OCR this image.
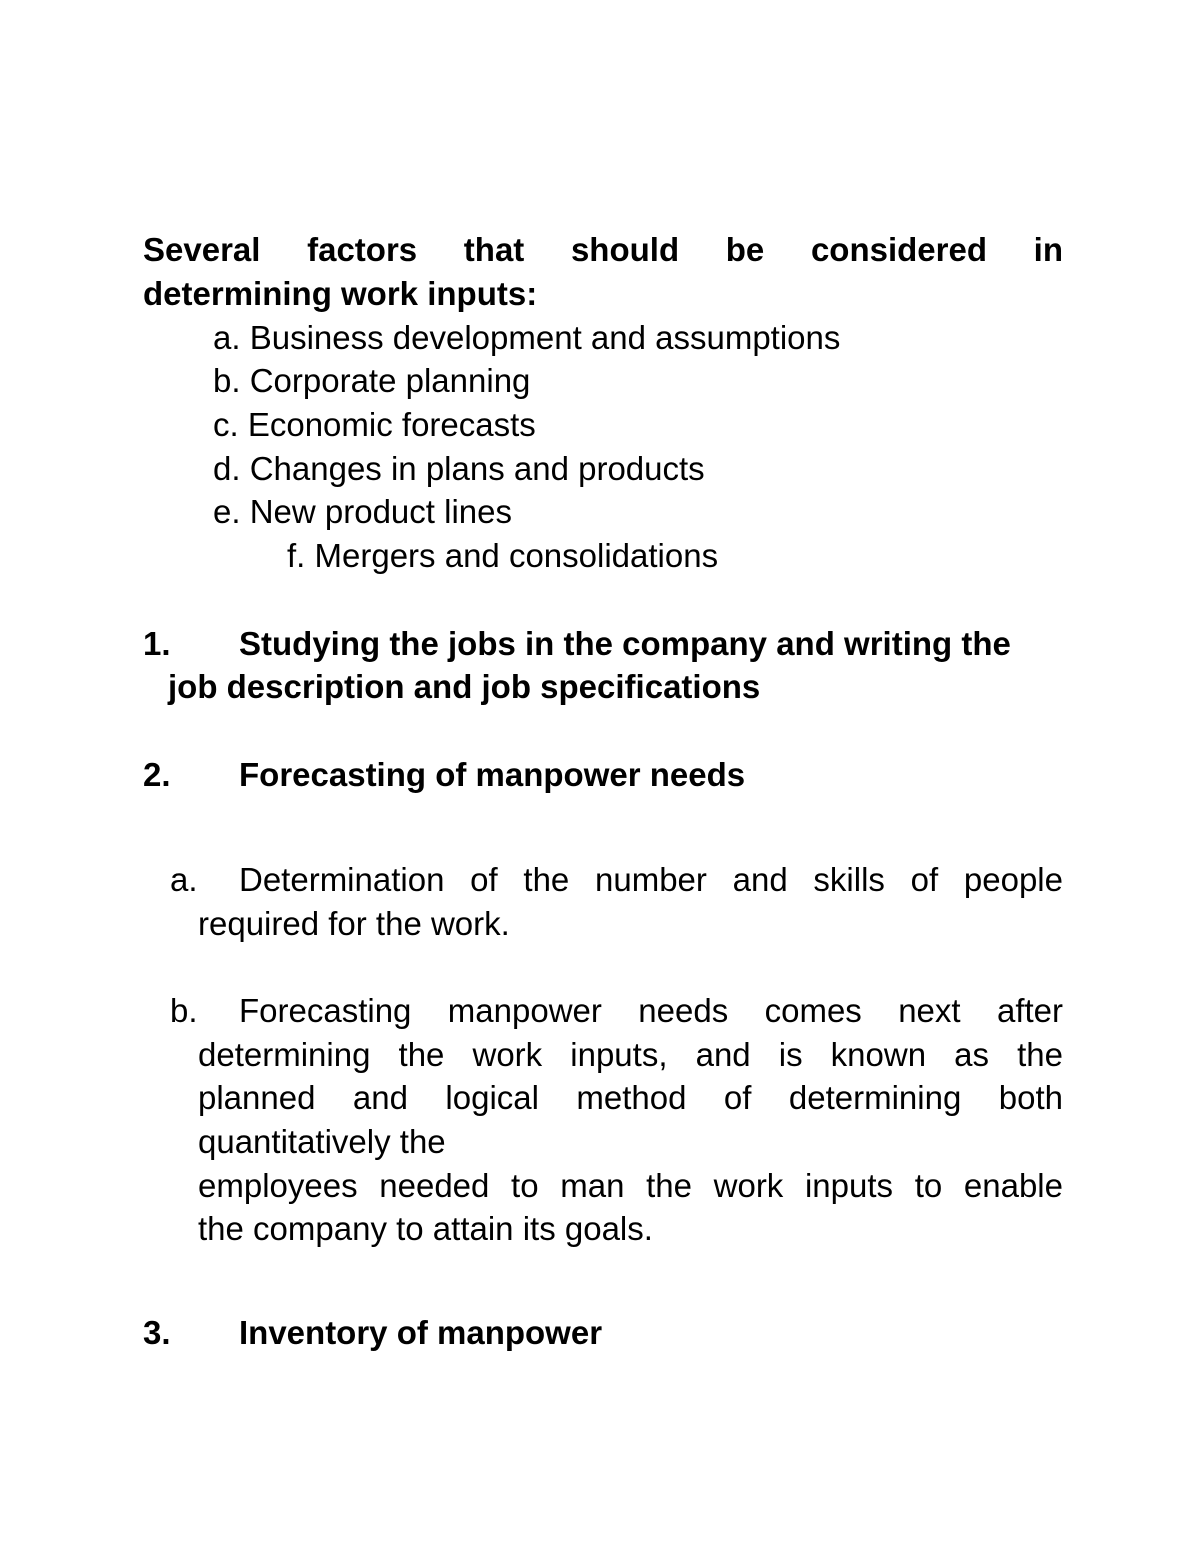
Several factors that should be considered in
determining work inputs:
a. Business development and assumptions
b. Corporate planning
c. Economic forecasts
d. Changes in plans and products
e. New product lines
f. Mergers and consolidations
1. Studying the jobs in the company and writing the
job description and job specifications
2. Forecasting of manpower needs
a. Determination of the number and skills of people
required for the work.
b. Forecasting manpower needs comes next after
determining the work inputs, and is known as the
planned and logical method of determining both
quantitatively the
employees needed to man the work inputs to enable
the company to attain its goals.
3. Inventory of manpower
